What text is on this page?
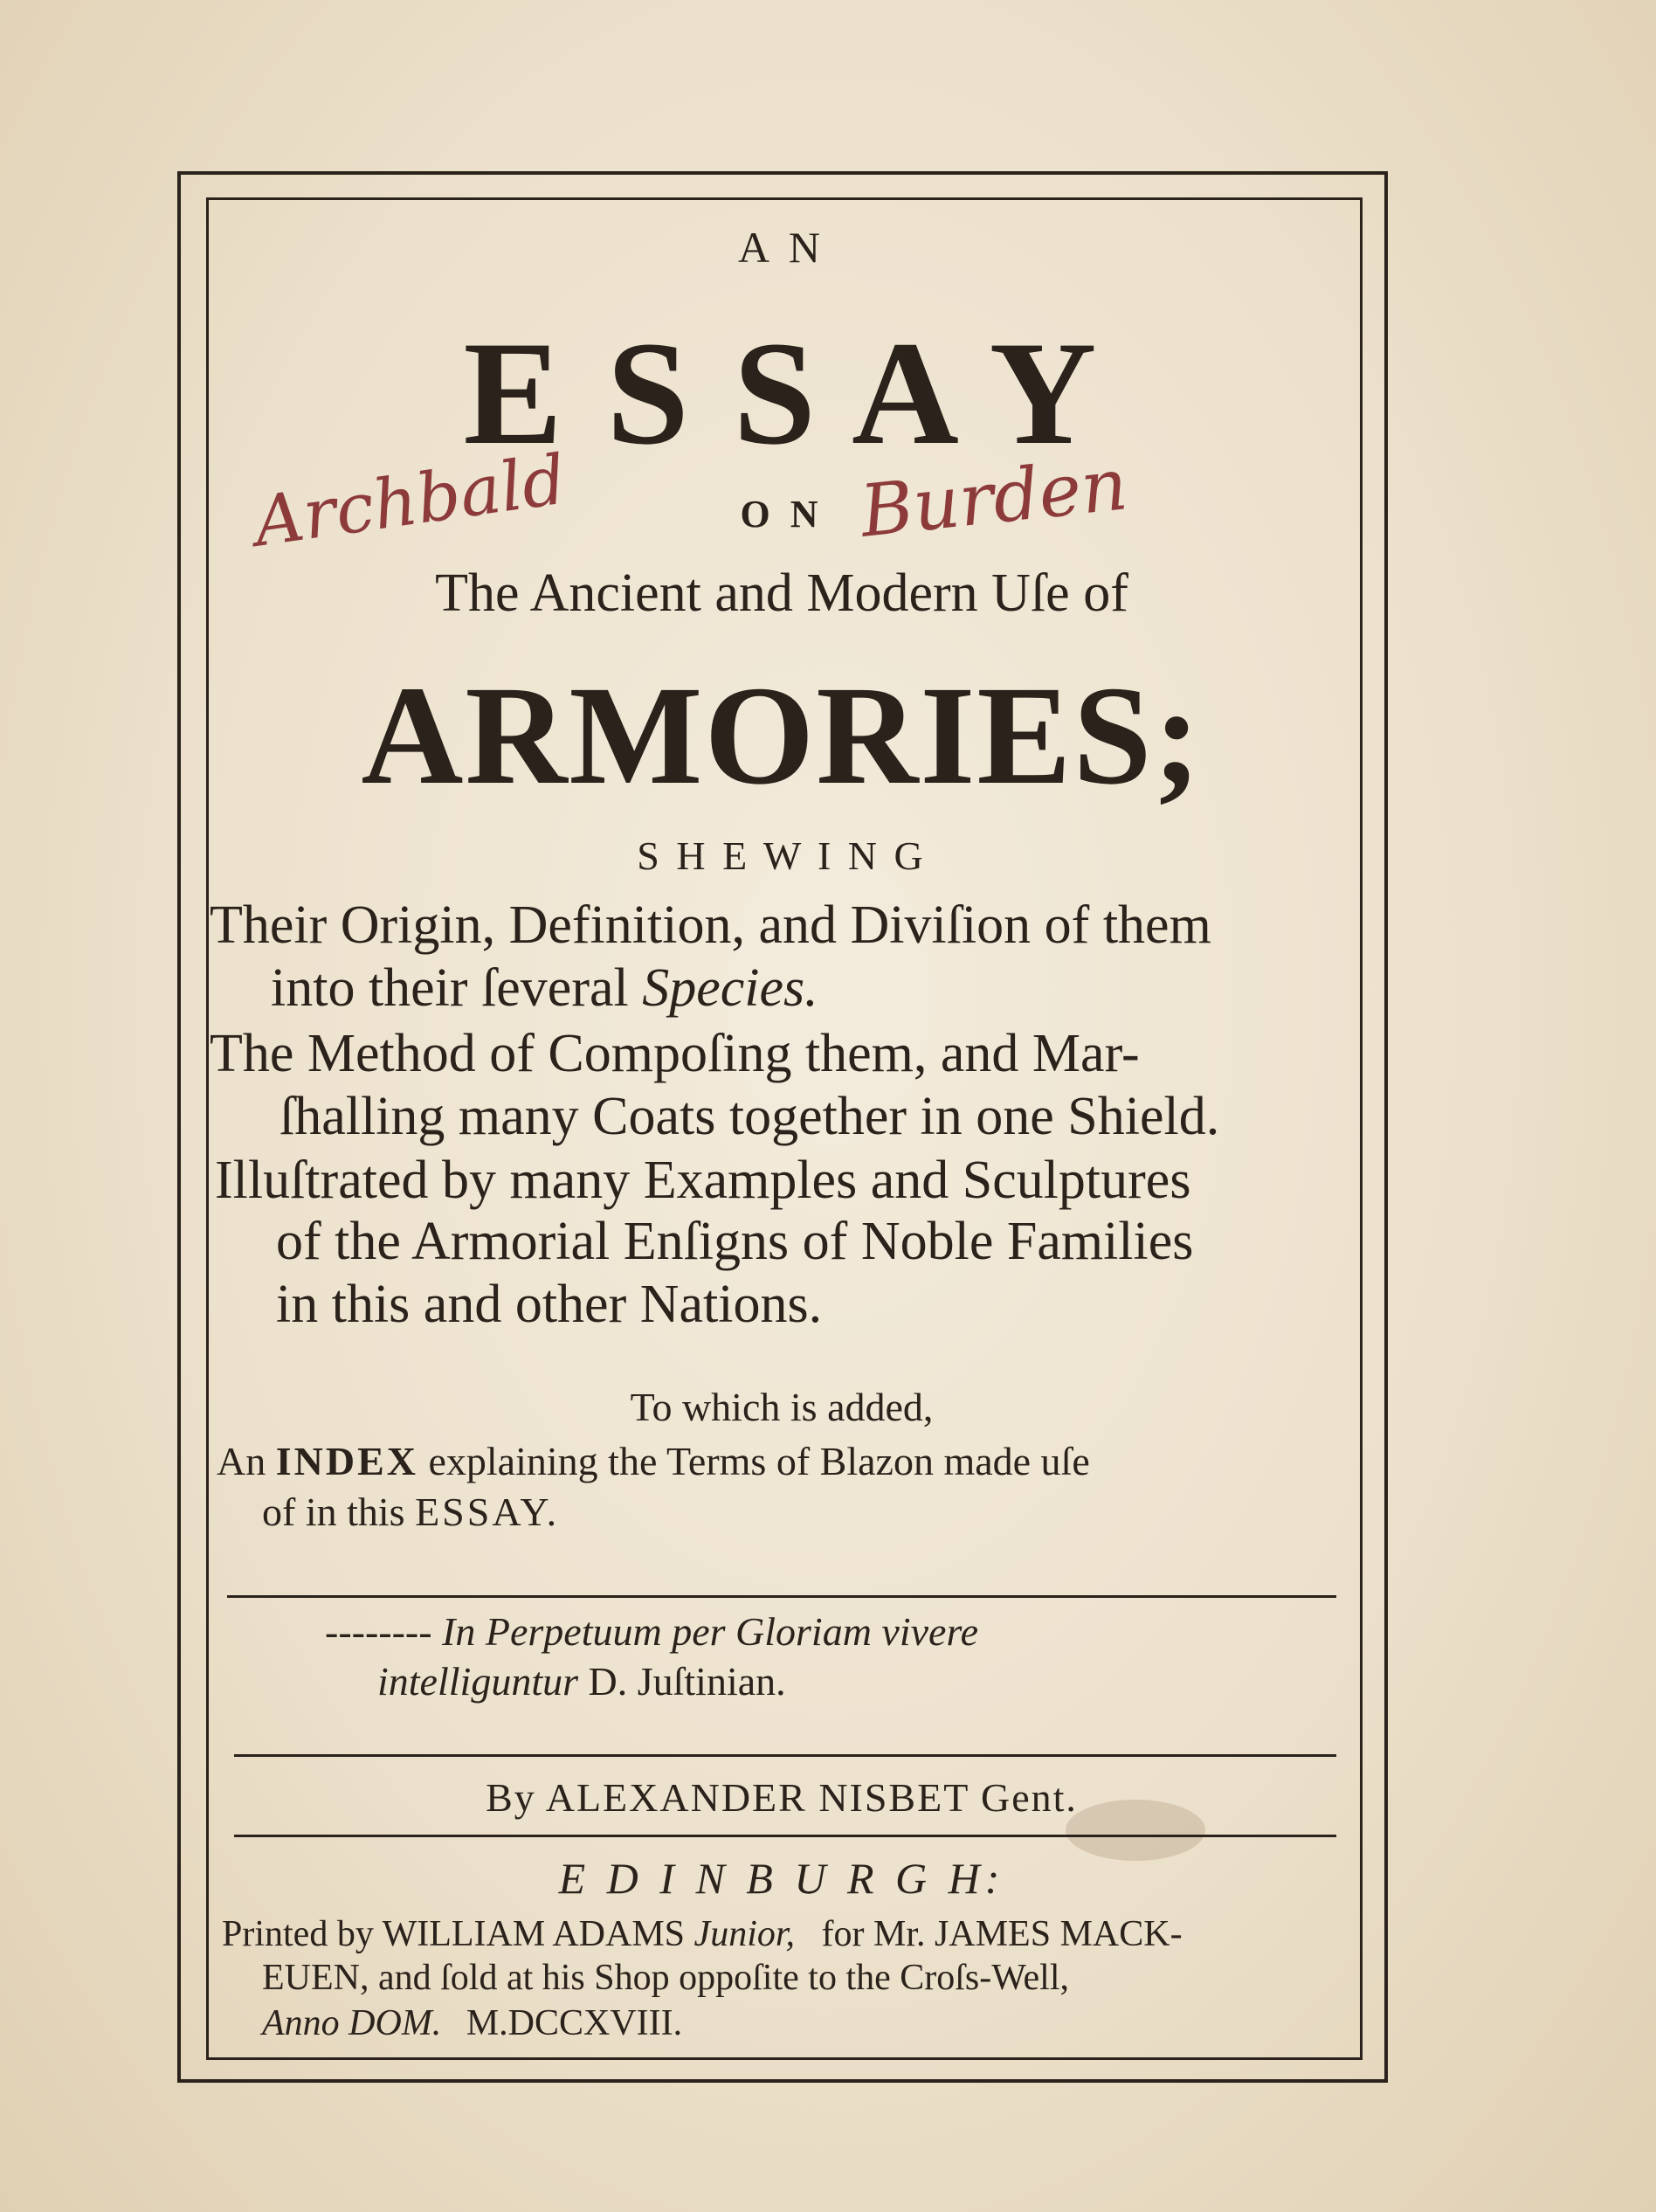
A N
E S S A Y
Archbald	O N Burden
The Ancient and Modern Uſe of
ARMORIES;
S H E W I N G
Their Origin, Definition, and Diviſion of them
into their ſeveral Species.
The Method of Compoſing them, and Mar-
ſhalling many Coats together in one Shield.
Illuſtrated by many Examples and Sculptures
of the Armorial Enſigns of Noble Families
in this and other Nations.
To which is added,
An INDEX explaining the Terms of Blazon made uſe
of in this ESSAY.
-------- In Perpetuum per Gloriam vivere
intelliguntur D. Juſtinian.
By ALEXANDER NISBET Gent.
E D I N B U R G H:
Printed by WILLIAM ADAMS Junior, for Mr. JAMES MACK-
EUEN, and ſold at his Shop oppoſite to the Croſs-Well,
Anno DOM. M.DCCXVIII.
